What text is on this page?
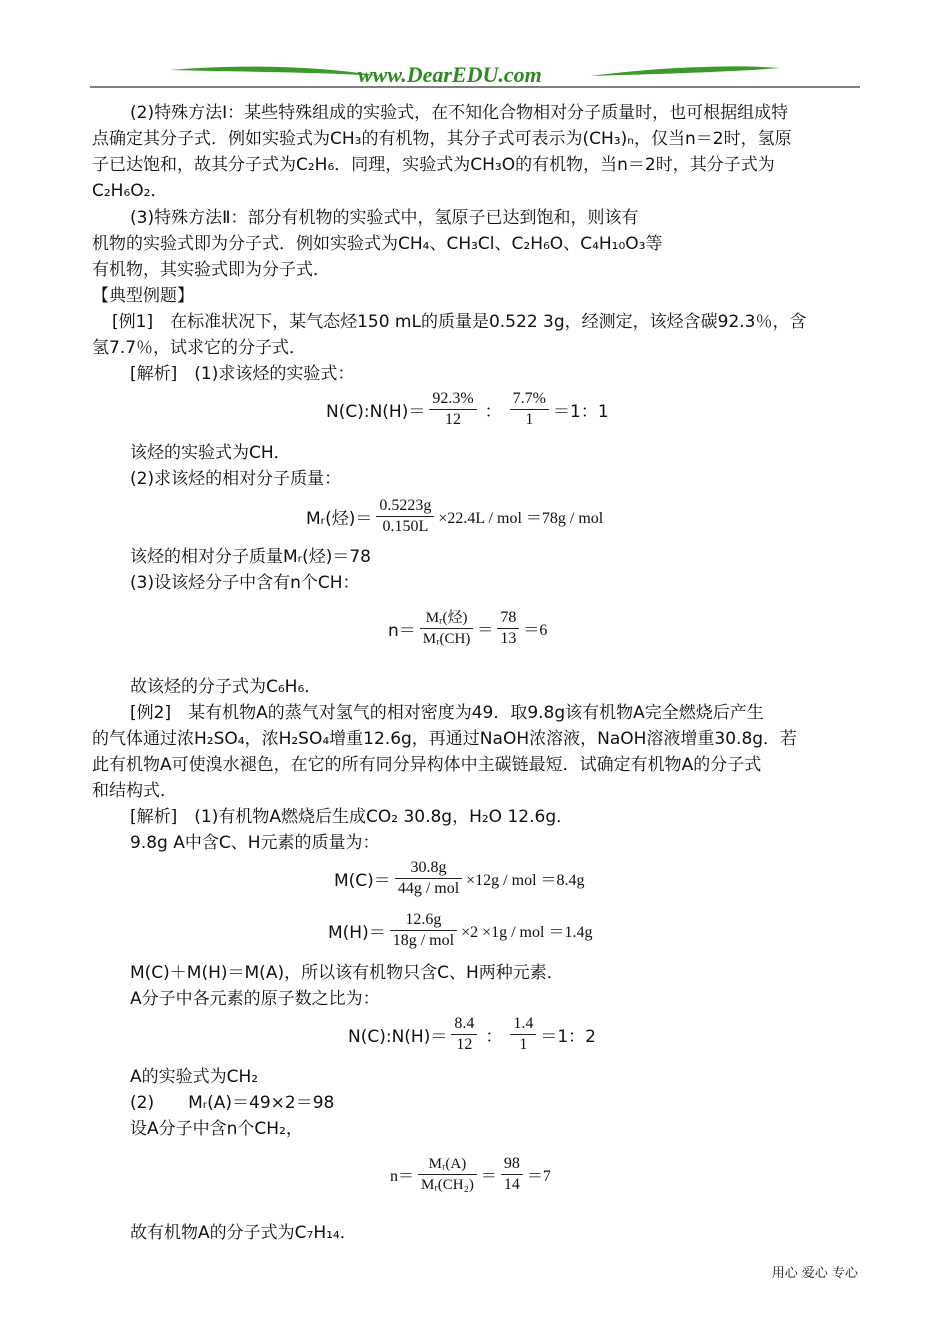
www.DearEDU.com
(2)特殊方法Ⅰ：某些特殊组成的实验式，在不知化合物相对分子质量时，也可根据组成特
点确定其分子式．例如实验式为CH₃的有机物，其分子式可表示为(CH₃)ₙ，仅当n＝2时，氢原
子已达饱和，故其分子式为C₂H₆．同理，实验式为CH₃O的有机物，当n＝2时，其分子式为
C₂H₆O₂．
(3)特殊方法Ⅱ：部分有机物的实验式中，氢原子已达到饱和，则该有
机物的实验式即为分子式．例如实验式为CH₄、CH₃Cl、C₂H₆O、C₄H₁₀O₃等
有机物，其实验式即为分子式．
【典型例题】
[例1]　在标准状况下，某气态烃150 mL的质量是0.522 3g，经测定，该烃含碳92.3％，含
氢7.7％，试求它的分子式．
[解析]　(1)求该烃的实验式：
N(C):N(H)＝ $\frac{92.3\%}{12}$ ： $\frac{7.7\%}{1} =1$：1
该烃的实验式为CH．
(2)求该烃的相对分子质量：
Mᵣ(烃)＝ $\frac{0.5223g}{0.150L} \times 22.4L$ / mol ＝78g / mol
该烃的相对分子质量Mᵣ(烃)＝78
(3)设该烃分子中含有n个CH：
$n= \frac{\text{Mᵣ(烃)}}{\text{Mᵣ(CH)}} = \frac{78}{13} =6$
故该烃的分子式为C₆H₆．
[例2]　某有机物A的蒸气对氢气的相对密度为49．取9.8g该有机物A完全燃烧后产生
的气体通过浓H₂SO₄，浓H₂SO₄增重12.6g，再通过NaOH浓溶液，NaOH溶液增重30.8g．若
此有机物A可使溴水褪色，在它的所有同分异构体中主碳链最短．试确定有机物A的分子式
和结构式．
[解析]　(1)有机物A燃烧后生成CO₂ 30.8g，H₂O 12.6g．
9.8g A中含C、H元素的质量为：
$M(C)= \frac{30.8g}{\text{44g / mol}} \times 12g$ / mol ＝8.4g
$M(H)= \frac{12.6g}{\text{18g / mol}} \times 2 \times 1g$ / mol ＝1.4g
M(C)＋M(H)＝M(A)，所以该有机物只含C、H两种元素．
A分子中各元素的原子数之比为：
N(C):N(H)＝ $\frac{8.4}{12}$ ： $\frac{1.4}{1} =1$：2
A的实验式为CH₂
(2)　　Mᵣ(A)＝49×2＝98
设A分子中含n个CH₂，
$n= \frac{\text{Mᵣ(A)}}{\text{Mᵣ(CH₂)}} = \frac{98}{14} =7$
故有机物A的分子式为C₇H₁₄．
用心 爱心 专心
